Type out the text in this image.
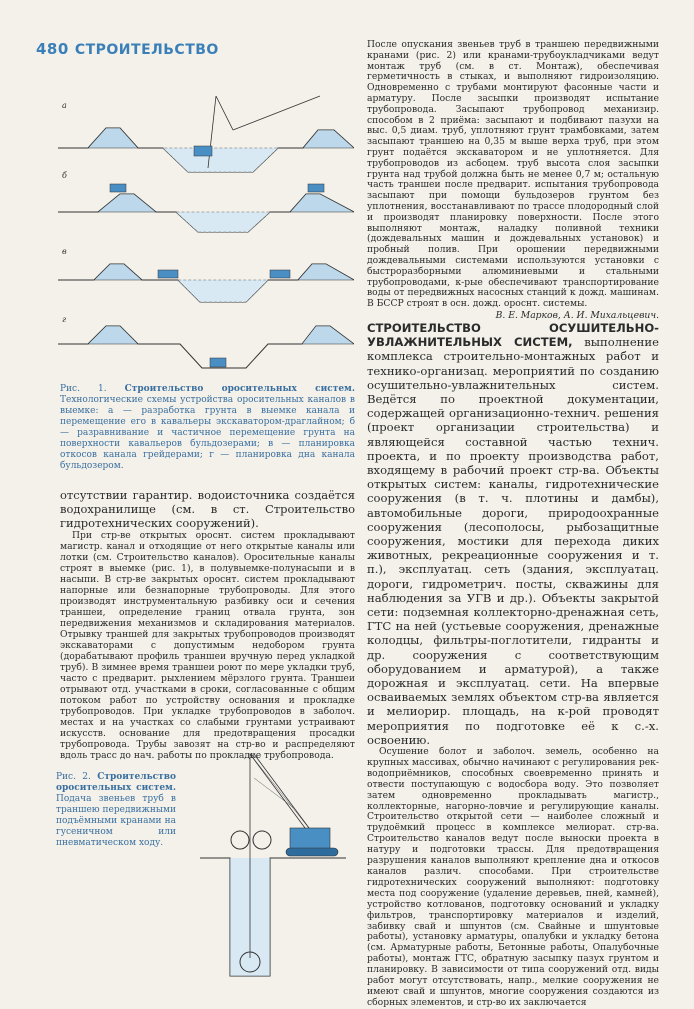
480 СТРОИТЕЛЬСТВО
а
б
в
г
Рис. 1. Строительство оросительных систем. Технологические схемы устройства оросительных каналов в выемке: а — разработка грунта в выемке канала и перемещение его в кавальеры экскаватором-драглайном; б — разравнивание и частичное перемещение грунта на поверхности кавальеров бульдозерами; в — планировка откосов канала грейдерами; г — планировка дна канала бульдозером.

отсутствии гарантир. водоисточника создаётся водохранилище (см. в ст. Строительство гидротехнических сооружений).

При стр-ве открытых ороснт. систем прокладывают магистр. канал и отходящие от него открытые каналы или лотки (см. Строительство каналов). Оросительные каналы строят в выемке (рис. 1), в полувыемке-полунасыпи и в насыпи. В стр-ве закрытых ороснт. систем прокладывают напорные или безнапорные трубопроводы. Для этого производят инструментальную разбивку оси и сечения траншеи, определение границ отвала грунта, зон передвижения механизмов и складирования материалов. Отрывку траншей для закрытых трубопроводов производят экскаваторами с допустимым недобором грунта (дорабатывают профиль траншеи вручную перед укладкой труб). В зимнее время траншеи роют по мере укладки труб, часто с предварит. рыхлением мёрзлого грунта. Траншеи отрывают отд. участками в сроки, согласованные с общим потоком работ по устройству основания и прокладке трубопроводов. При укладке трубопроводов в заболоч. местах и на участках со слабыми грунтами устраивают искусств. основание для предотвращения просадки трубопровода. Трубы завозят на стр-во и распределяют вдоль трасс до нач. работы по прокладке трубопровода.

Рис. 2. Строительство оросительных систем. Подача звеньев труб в траншею передвижными подъёмными кранами на гусеничном или пневматическом ходу.

После опускания звеньев труб в траншею передвижными кранами (рис. 2) или кранами-трубоукладчиками ведут монтаж труб (см. в ст. Монтаж), обеспечивая герметичность в стыках, и выполняют гидроизоляцию. Одновременно с трубами монтируют фасонные части и арматуру. После засыпки производят испытание трубопровода. Засыпают трубопровод механизир. способом в 2 приёма: засыпают и подбивают пазухи на выс. 0,5 диам. труб, уплотняют грунт трамбовками, затем засыпают траншею на 0,35 м выше верха труб, при этом грунт подаётся экскаватором и не уплотняется. Для трубопроводов из асбоцем. труб высота слоя засыпки грунта над трубой должна быть не менее 0,7 м; остальную часть траншеи после предварит. испытания трубопровода засыпают при помощи бульдозеров грунтом без уплотнения, восстанавливают по трассе плодородный слой и производят планировку поверхности. После этого выполняют монтаж, наладку поливной техники (дождевальных машин и дождевальных установок) и пробный полив. При орошении передвижными дождевальными системами используются установки с быстроразборными алюминиевыми и стальными трубопроводами, к-рые обеспечивают транспортирование воды от передвижных насосных станций к дожд. машинам. В БССР строят в осн. дожд. ороснт. системы.

В. Е. Марков, А. И. Михальцевич.

СТРОИТЕЛЬСТВО ОСУШИТЕЛЬНО-УВЛАЖНИТЕЛЬНЫХ СИСТЕМ, выполнение комплекса строительно-монтажных работ и технико-организац. мероприятий по созданию осушительно-увлажнительных систем. Ведётся по проектной документации, содержащей организационно-технич. решения (проект организации строительства) и являющейся составной частью технич. проекта, и по проекту производства работ, входящему в рабочий проект стр-ва. Объекты открытых систем: каналы, гидротехнические сооружения (в т. ч. плотины и дамбы), автомобильные дороги, природоохранные сооружения (лесополосы, рыбозащитные сооружения, мостики для перехода диких животных, рекреационные сооружения и т. п.), эксплуатац. сеть (здания, эксплуатац. дороги, гидрометрич. посты, скважины для наблюдения за УГВ и др.). Объекты закрытой сети: подземная коллекторно-дренажная сеть, ГТС на ней (устьевые сооружения, дренажные колодцы, фильтры-поглотители, гидранты и др. сооружения с соответствующим оборудованием и арматурой), а также дорожная и эксплуатац. сети. На впервые осваиваемых землях объектом стр-ва является и мелиорир. площадь, на к-рой проводят мероприятия по подготовке её к с.-х. освоению.

Осушение болот и заболоч. земель, особенно на крупных массивах, обычно начинают с регулирования рек-водоприёмников, способных своевременно принять и отвести поступающую с водосбора воду. Это позволяет затем одновременно прокладывать магистр., коллекторные, нагорно-ловчие и регулирующие каналы. Строительство открытой сети — наиболее сложный и трудоёмкий процесс в комплексе мелиорат. стр-ва. Строительство каналов ведут после выноски проекта в натуру и подготовки трассы. Для предотвращения разрушения каналов выполняют крепление дна и откосов каналов различ. способами. При строительстве гидротехнических сооружений выполняют: подготовку места под сооружение (удаление деревьев, пней, камней), устройство котлованов, подготовку оснований и укладку фильтров, транспортировку материалов и изделий, забивку свай и шпунтов (см. Свайные и шпунтовые работы), установку арматуры, опалубки и укладку бетона (см. Арматурные работы, Бетонные работы, Опалубочные работы), монтаж ГТС, обратную засыпку пазух грунтом и планировку. В зависимости от типа сооружений отд. виды работ могут отсутствовать, напр., мелкие сооружения не имеют свай и шпунтов, многие сооружения создаются из сборных элементов, и стр-во их заключается
